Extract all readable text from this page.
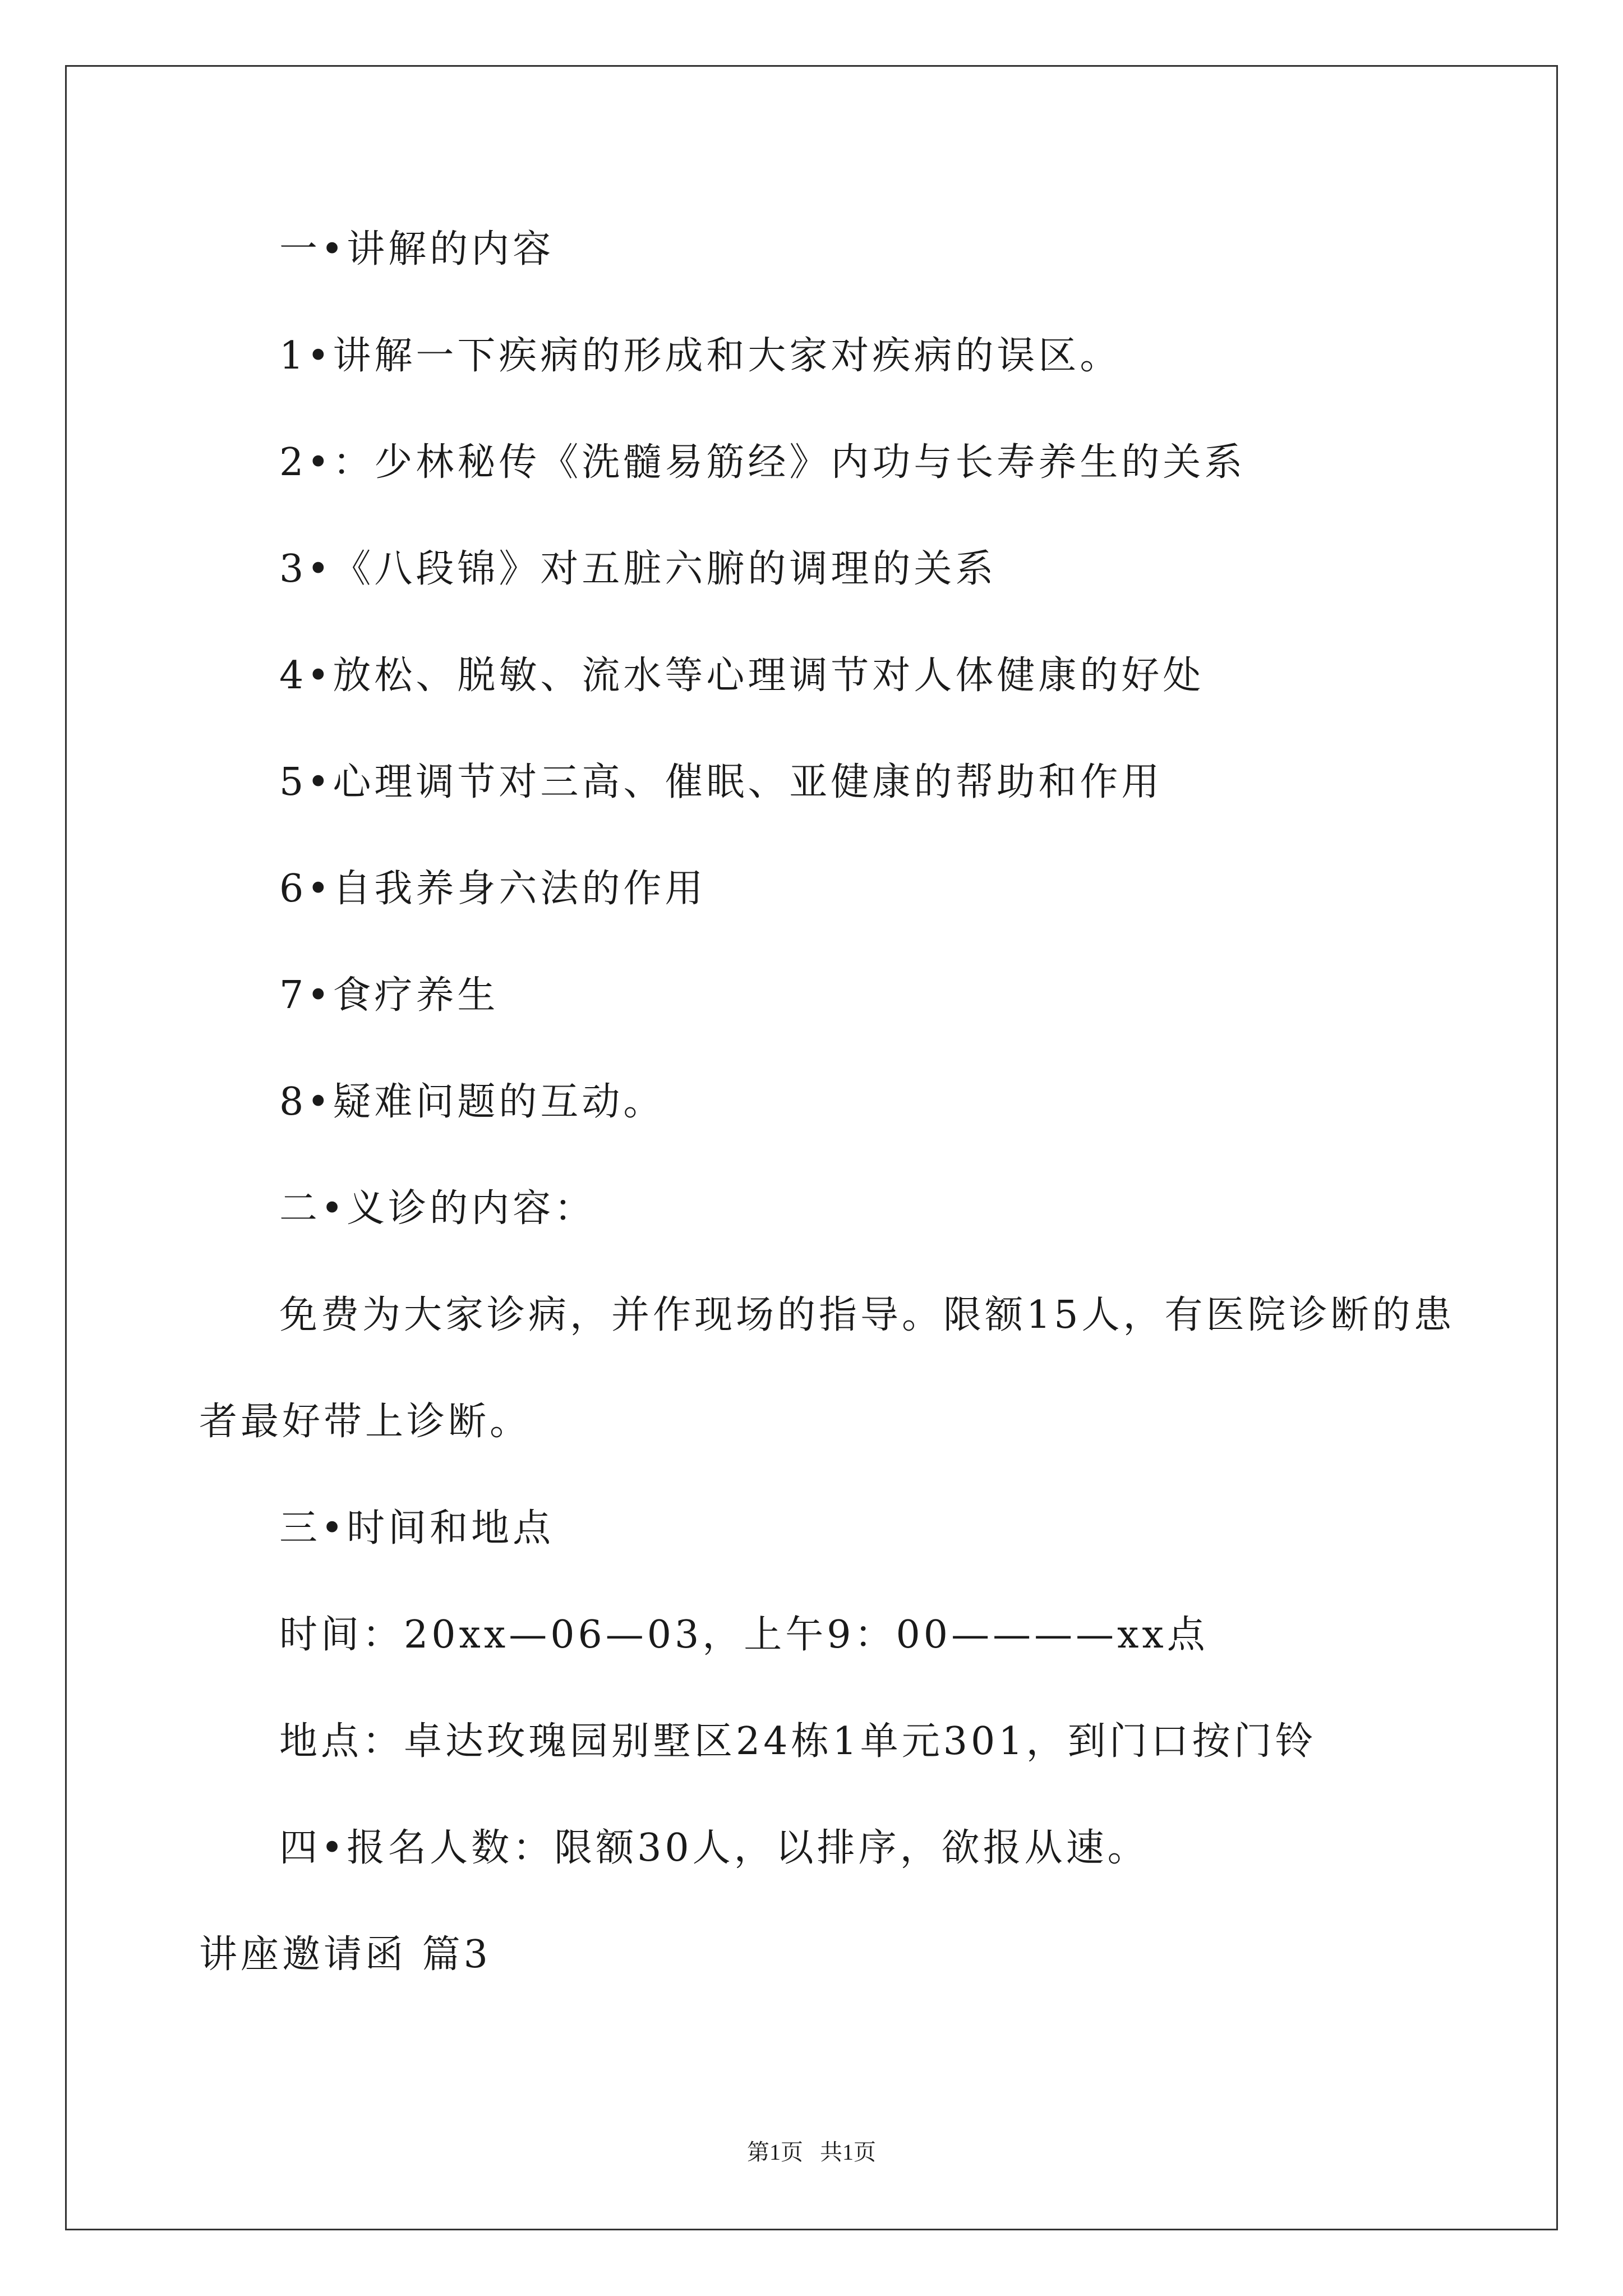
一•讲解的内容

1•讲解一下疾病的形成和大家对疾病的误区。

2•：少林秘传《洗髓易筋经》内功与长寿养生的关系

3•《八段锦》对五脏六腑的调理的关系

4•放松、脱敏、流水等心理调节对人体健康的好处

5•心理调节对三高、催眠、亚健康的帮助和作用

6•自我养身六法的作用

7•食疗养生

8•疑难问题的互动。

二•义诊的内容：

免费为大家诊病，并作现场的指导。限额15人，有医院诊断的患

者最好带上诊断。

三•时间和地点

时间：20xx—06—03，上午9：00————xx点

地点：卓达玫瑰园别墅区24栋1单元301，到门口按门铃

四•报名人数：限额30人，以排序，欲报从速。

讲座邀请函 篇3

第1页   共1页
